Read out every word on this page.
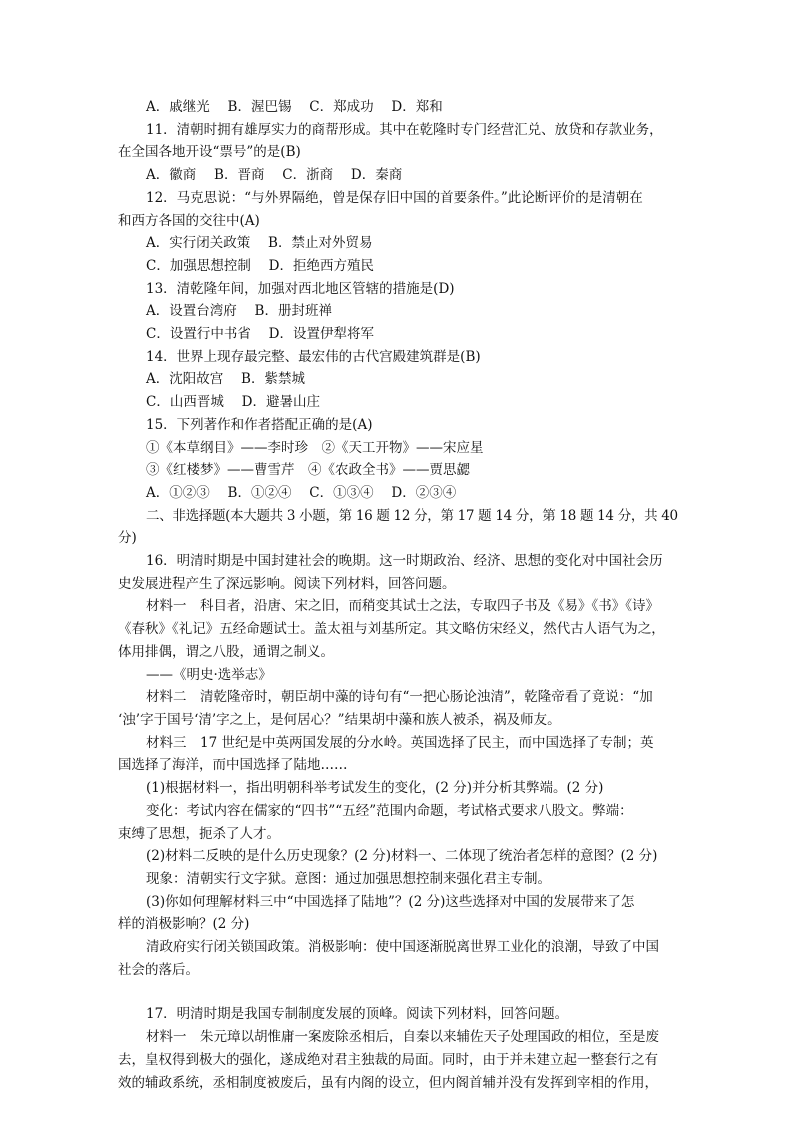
A．戚继光　 B．渥巴锡　 C．郑成功　 D．郑和
11．清朝时拥有雄厚实力的商帮形成。其中在乾隆时专门经营汇兑、放贷和存款业务，
在全国各地开设“票号”的是(B)
A．徽商　 B．晋商　 C．浙商　 D．秦商
12．马克思说：“与外界隔绝，曾是保存旧中国的首要条件。”此论断评价的是清朝在
和西方各国的交往中(A)
A．实行闭关政策　 B．禁止对外贸易
C．加强思想控制　 D．拒绝西方殖民
13．清乾隆年间，加强对西北地区管辖的措施是(D)
A．设置台湾府　 B．册封班禅
C．设置行中书省　 D．设置伊犁将军
14．世界上现存最完整、最宏伟的古代宫殿建筑群是(B)
A．沈阳故宫　 B．紫禁城
C．山西晋城　 D．避暑山庄
15．下列著作和作者搭配正确的是(A)
①《本草纲目》——李时珍　②《天工开物》——宋应星
③《红楼梦》——曹雪芹　④《农政全书》——贾思勰
A．①②③　 B．①②④　 C．①③④　 D．②③④
二、非选择题(本大题共 3 小题，第 16 题 12 分，第 17 题 14 分，第 18 题 14 分，共 40
分)
16．明清时期是中国封建社会的晚期。这一时期政治、经济、思想的变化对中国社会历
史发展进程产生了深远影响。阅读下列材料，回答问题。
材料一　科目者，沿唐、宋之旧，而稍变其试士之法，专取四子书及《易》《书》《诗》
《春秋》《礼记》五经命题试士。盖太祖与刘基所定。其文略仿宋经义，然代古人语气为之，
体用排偶，谓之八股，通谓之制义。
——《明史·选举志》
材料二　清乾隆帝时，朝臣胡中藻的诗句有“一把心肠论浊清”，乾隆帝看了竟说：“加
‘浊’字于国号‘清’字之上，是何居心？”结果胡中藻和族人被杀，祸及师友。
材料三　17 世纪是中英两国发展的分水岭。英国选择了民主，而中国选择了专制；英
国选择了海洋，而中国选择了陆地……
(1)根据材料一，指出明朝科举考试发生的变化，(2 分)并分析其弊端。(2 分)
变化：考试内容在儒家的“四书”“五经”范围内命题，考试格式要求八股文。弊端：
束缚了思想，扼杀了人才。
(2)材料二反映的是什么历史现象？(2 分)材料一、二体现了统治者怎样的意图？(2 分)
现象：清朝实行文字狱。意图：通过加强思想控制来强化君主专制。
(3)你如何理解材料三中“中国选择了陆地”？(2 分)这些选择对中国的发展带来了怎
样的消极影响？(2 分)
清政府实行闭关锁国政策。消极影响：使中国逐渐脱离世界工业化的浪潮，导致了中国
社会的落后。
17．明清时期是我国专制制度发展的顶峰。阅读下列材料，回答问题。
材料一　朱元璋以胡惟庸一案废除丞相后，自秦以来辅佐天子处理国政的相位，至是废
去，皇权得到极大的强化，遂成绝对君主独裁的局面。同时，由于并未建立起一整套行之有
效的辅政系统，丞相制度被废后，虽有内阁的设立，但内阁首辅并没有发挥到宰相的作用，
